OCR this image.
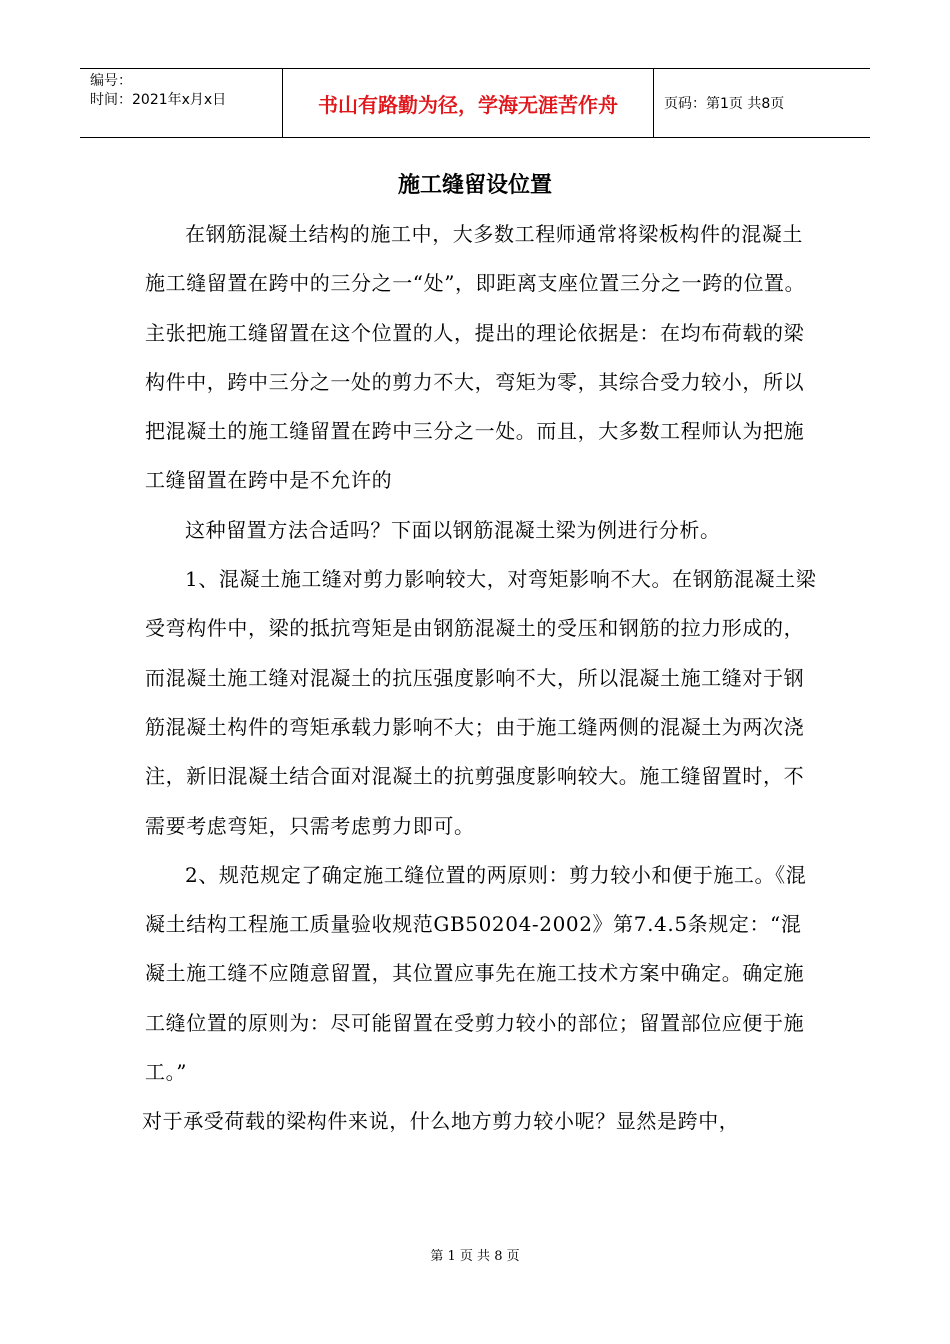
编号：
时间：2021年x月x日	书山有路勤为径，学海无涯苦作舟	页码：第1页 共8页
施工缝留设位置

在钢筋混凝土结构的施工中，大多数工程师通常将梁板构件的混凝土施工缝留置在跨中的三分之一“处”，即距离支座位置三分之一跨的位置。主张把施工缝留置在这个位置的人，提出的理论依据是：在均布荷载的梁构件中，跨中三分之一处的剪力不大，弯矩为零，其综合受力较小，所以把混凝土的施工缝留置在跨中三分之一处。而且，大多数工程师认为把施工缝留置在跨中是不允许的

这种留置方法合适吗？下面以钢筋混凝土梁为例进行分析。

1、混凝土施工缝对剪力影响较大，对弯矩影响不大。在钢筋混凝土梁受弯构件中，梁的抵抗弯矩是由钢筋混凝土的受压和钢筋的拉力形成的，而混凝土施工缝对混凝土的抗压强度影响不大，所以混凝土施工缝对于钢筋混凝土构件的弯矩承载力影响不大；由于施工缝两侧的混凝土为两次浇注，新旧混凝土结合面对混凝土的抗剪强度影响较大。施工缝留置时，不需要考虑弯矩，只需考虑剪力即可。

2、规范规定了确定施工缝位置的两原则：剪力较小和便于施工。《混凝土结构工程施工质量验收规范GB50204-2002》第7.4.5条规定：“混凝土施工缝不应随意留置，其位置应事先在施工技术方案中确定。确定施工缝位置的原则为：尽可能留置在受剪力较小的部位；留置部位应便于施工。”

对于承受荷载的梁构件来说，什么地方剪力较小呢？显然是跨中，

第 1 页 共 8 页
